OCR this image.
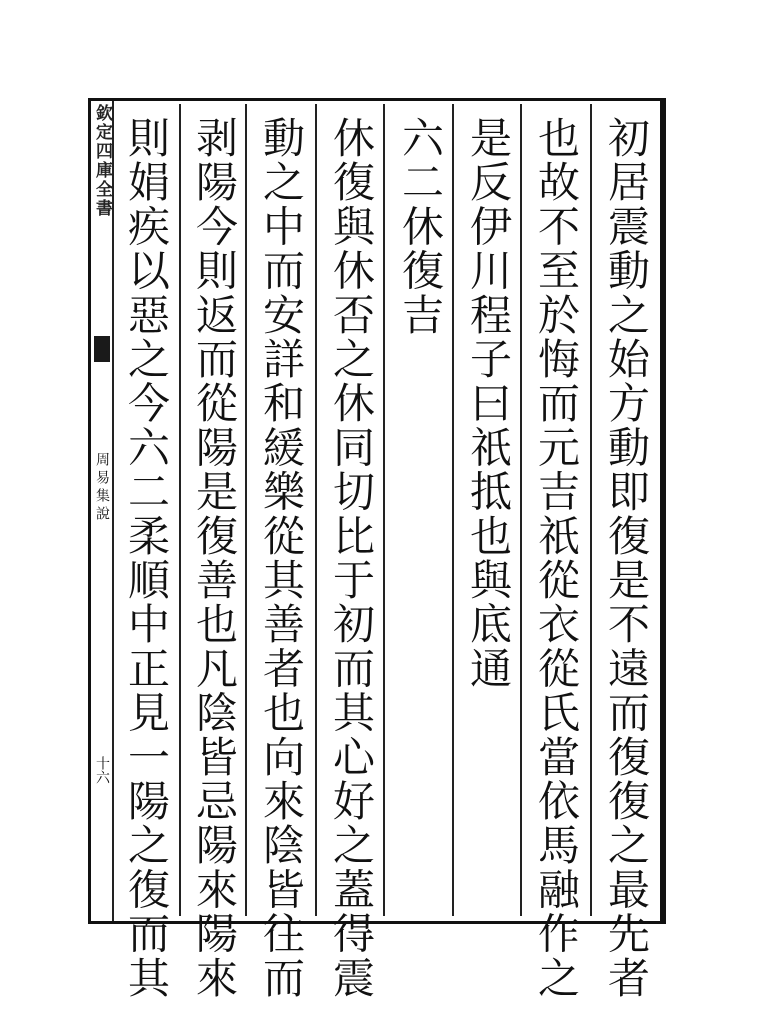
欽定四庫全書
周易集說
十六	初居震動之始方動即復是不遠而復復之最先者
也故不至於悔而元吉祇從衣從氏當依馬融作之
是反伊川程子曰祇抵也與底通
六二休復吉
休復與休否之休同切比于初而其心好之蓋得震
動之中而安詳和緩樂從其善者也向來陰皆往而
剥陽今則返而從陽是復善也凡陰皆忌陽來陽來
則娟疾以惡之今六二柔順中正見一陽之復而其
